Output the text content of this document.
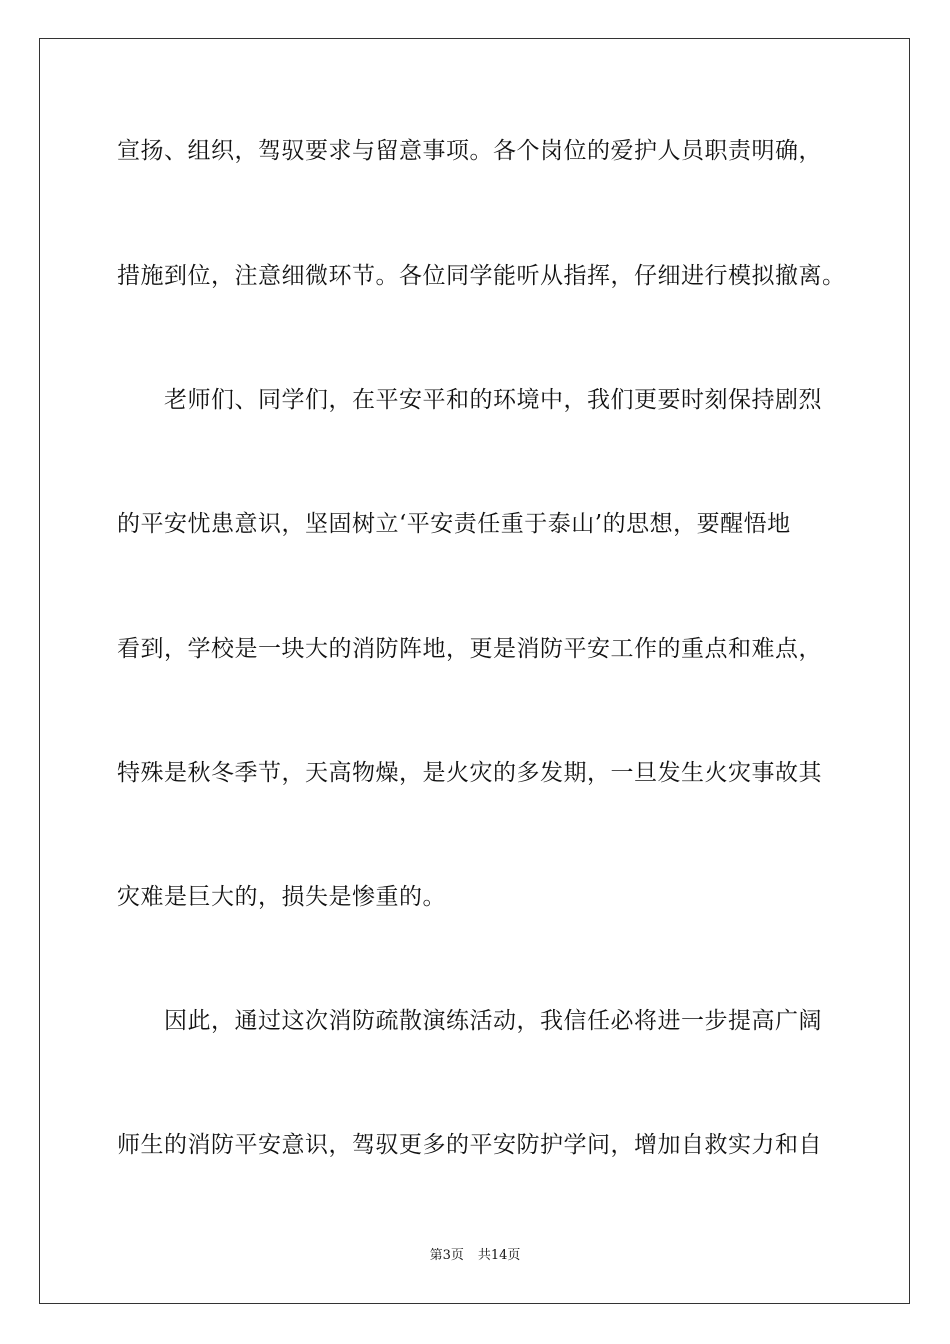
宣扬、组织，驾驭要求与留意事项。各个岗位的爱护人员职责明确，
措施到位，注意细微环节。各位同学能听从指挥，仔细进行模拟撤离。
　　老师们、同学们，在平安平和的环境中，我们更要时刻保持剧烈
的平安忧患意识，坚固树立‘平安责任重于泰山’的思想，要醒悟地
看到，学校是一块大的消防阵地，更是消防平安工作的重点和难点，
特殊是秋冬季节，天高物燥，是火灾的多发期，一旦发生火灾事故其
灾难是巨大的，损失是惨重的。
　　因此，通过这次消防疏散演练活动，我信任必将进一步提高广阔
师生的消防平安意识，驾驭更多的平安防护学问，增加自救实力和自
第3页 共14页
